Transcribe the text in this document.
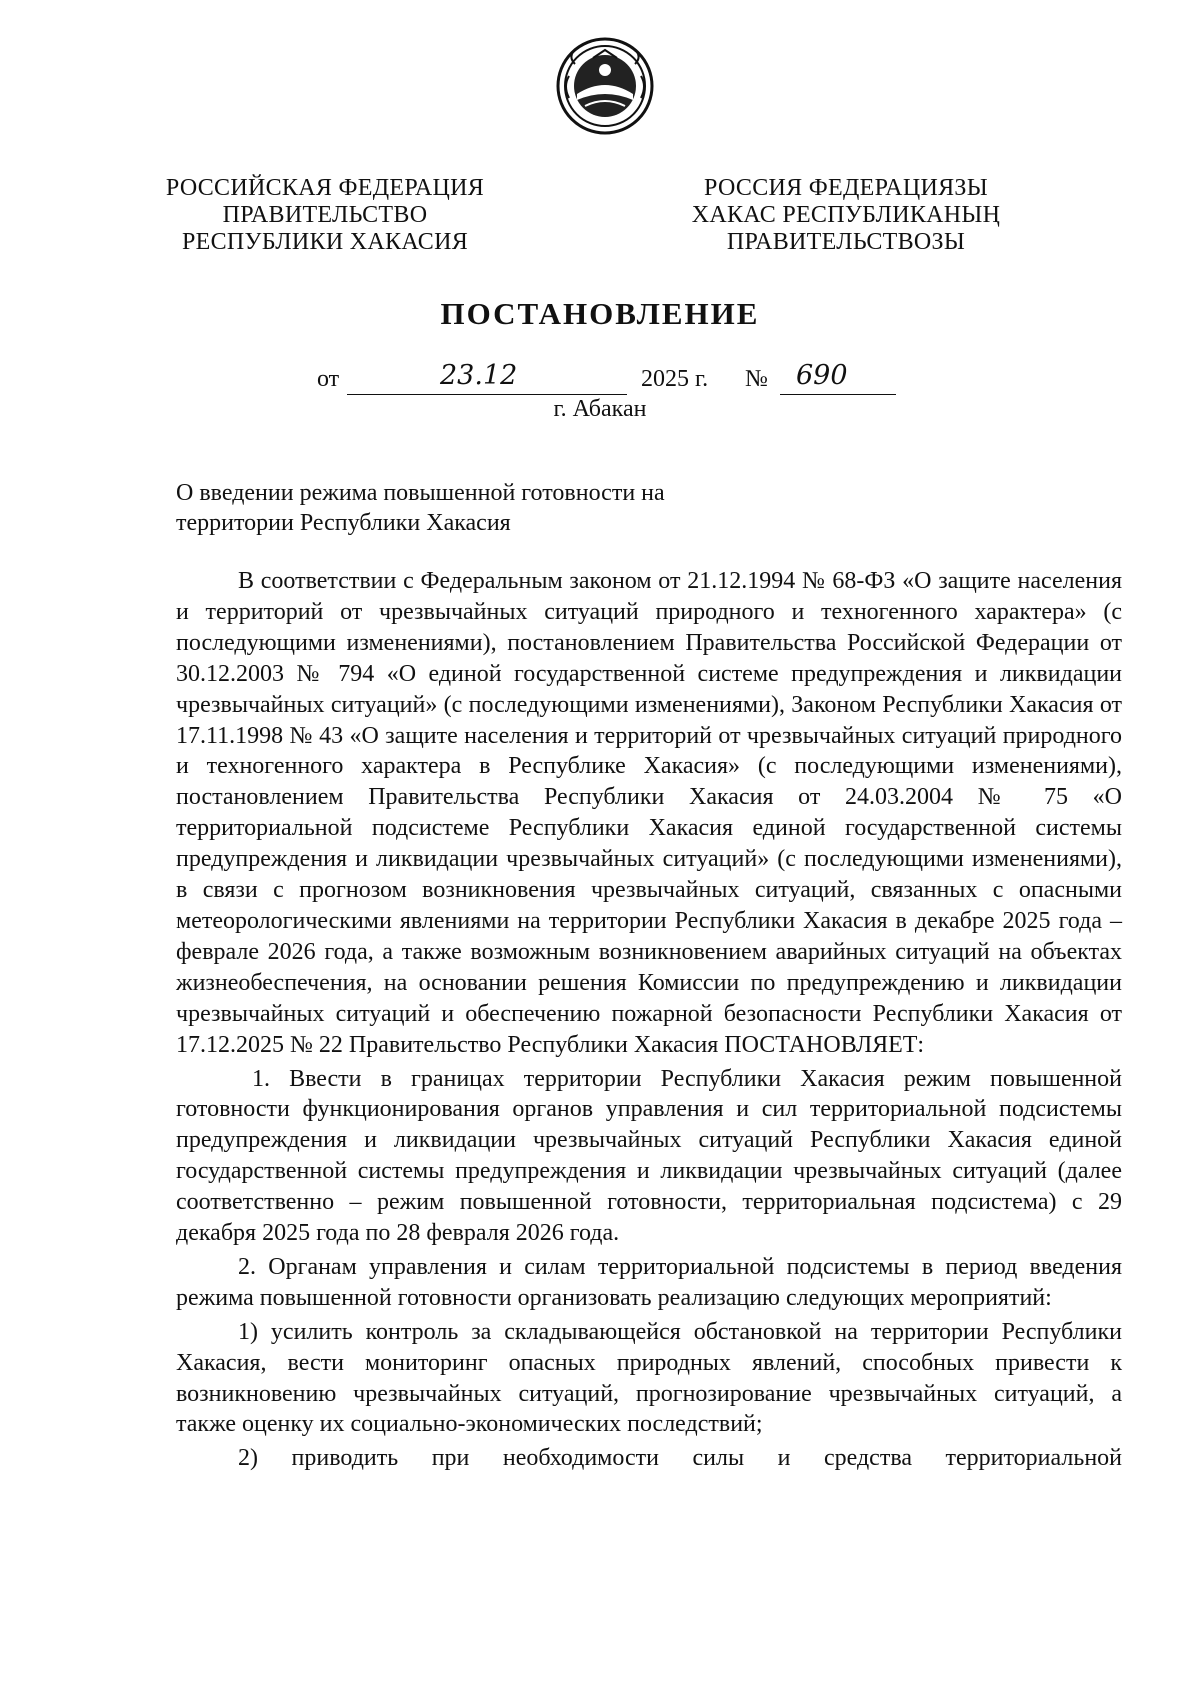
РОССИЙСКАЯ ФЕДЕРАЦИЯ
ПРАВИТЕЛЬСТВО
РЕСПУБЛИКИ ХАКАСИЯ
РОССИЯ ФЕДЕРАЦИЯЗЫ
ХАКАС РЕСПУБЛИКАНЫҢ
ПРАВИТЕЛЬСТВОЗЫ
ПОСТАНОВЛЕНИЕ
от	23.12	2025 г. № 690
г. Абакан
О введении режима повышенной готовности на
территории Республики Хакасия

В соответствии с Федеральным законом от 21.12.1994 № 68-ФЗ «О защите населения и территорий от чрезвычайных ситуаций природного и техногенного характера» (с последующими изменениями), постановлением Правительства Российской Федерации от 30.12.2003 № 794 «О единой государственной системе предупреждения и ликвидации чрезвычайных ситуаций» (с последующими изменениями), Законом Республики Хакасия от 17.11.1998 № 43 «О защите населения и территорий от чрезвычайных ситуаций природного и техногенного характера в Республике Хакасия» (с последующими изменениями), постановлением Правительства Республики Хакасия от 24.03.2004 № 75 «О территориальной подсистеме Республики Хакасия единой государственной системы предупреждения и ликвидации чрезвычайных ситуаций» (с последующими изменениями), в связи с прогнозом возникновения чрезвычайных ситуаций, связанных с опасными метеорологическими явлениями на территории Республики Хакасия в декабре 2025 года – феврале 2026 года, а также возможным возникновением аварийных ситуаций на объектах жизнеобеспечения, на основании решения Комиссии по предупреждению и ликвидации чрезвычайных ситуаций и обеспечению пожарной безопасности Республики Хакасия от 17.12.2025 № 22 Правительство Республики Хакасия ПОСТАНОВЛЯЕТ:

1. Ввести в границах территории Республики Хакасия режим повышенной готовности функционирования органов управления и сил территориальной подсистемы предупреждения и ликвидации чрезвычайных ситуаций Республики Хакасия единой государственной системы предупреждения и ликвидации чрезвычайных ситуаций (далее соответственно – режим повышенной готовности, территориальная подсистема) с 29 декабря 2025 года по 28 февраля 2026 года.

2. Органам управления и силам территориальной подсистемы в период введения режима повышенной готовности организовать реализацию следующих мероприятий:

1) усилить контроль за складывающейся обстановкой на территории Республики Хакасия, вести мониторинг опасных природных явлений, способных привести к возникновению чрезвычайных ситуаций, прогнозирование чрезвычайных ситуаций, а также оценку их социально-экономических последствий;

2) приводить при необходимости силы и средства территориальной
